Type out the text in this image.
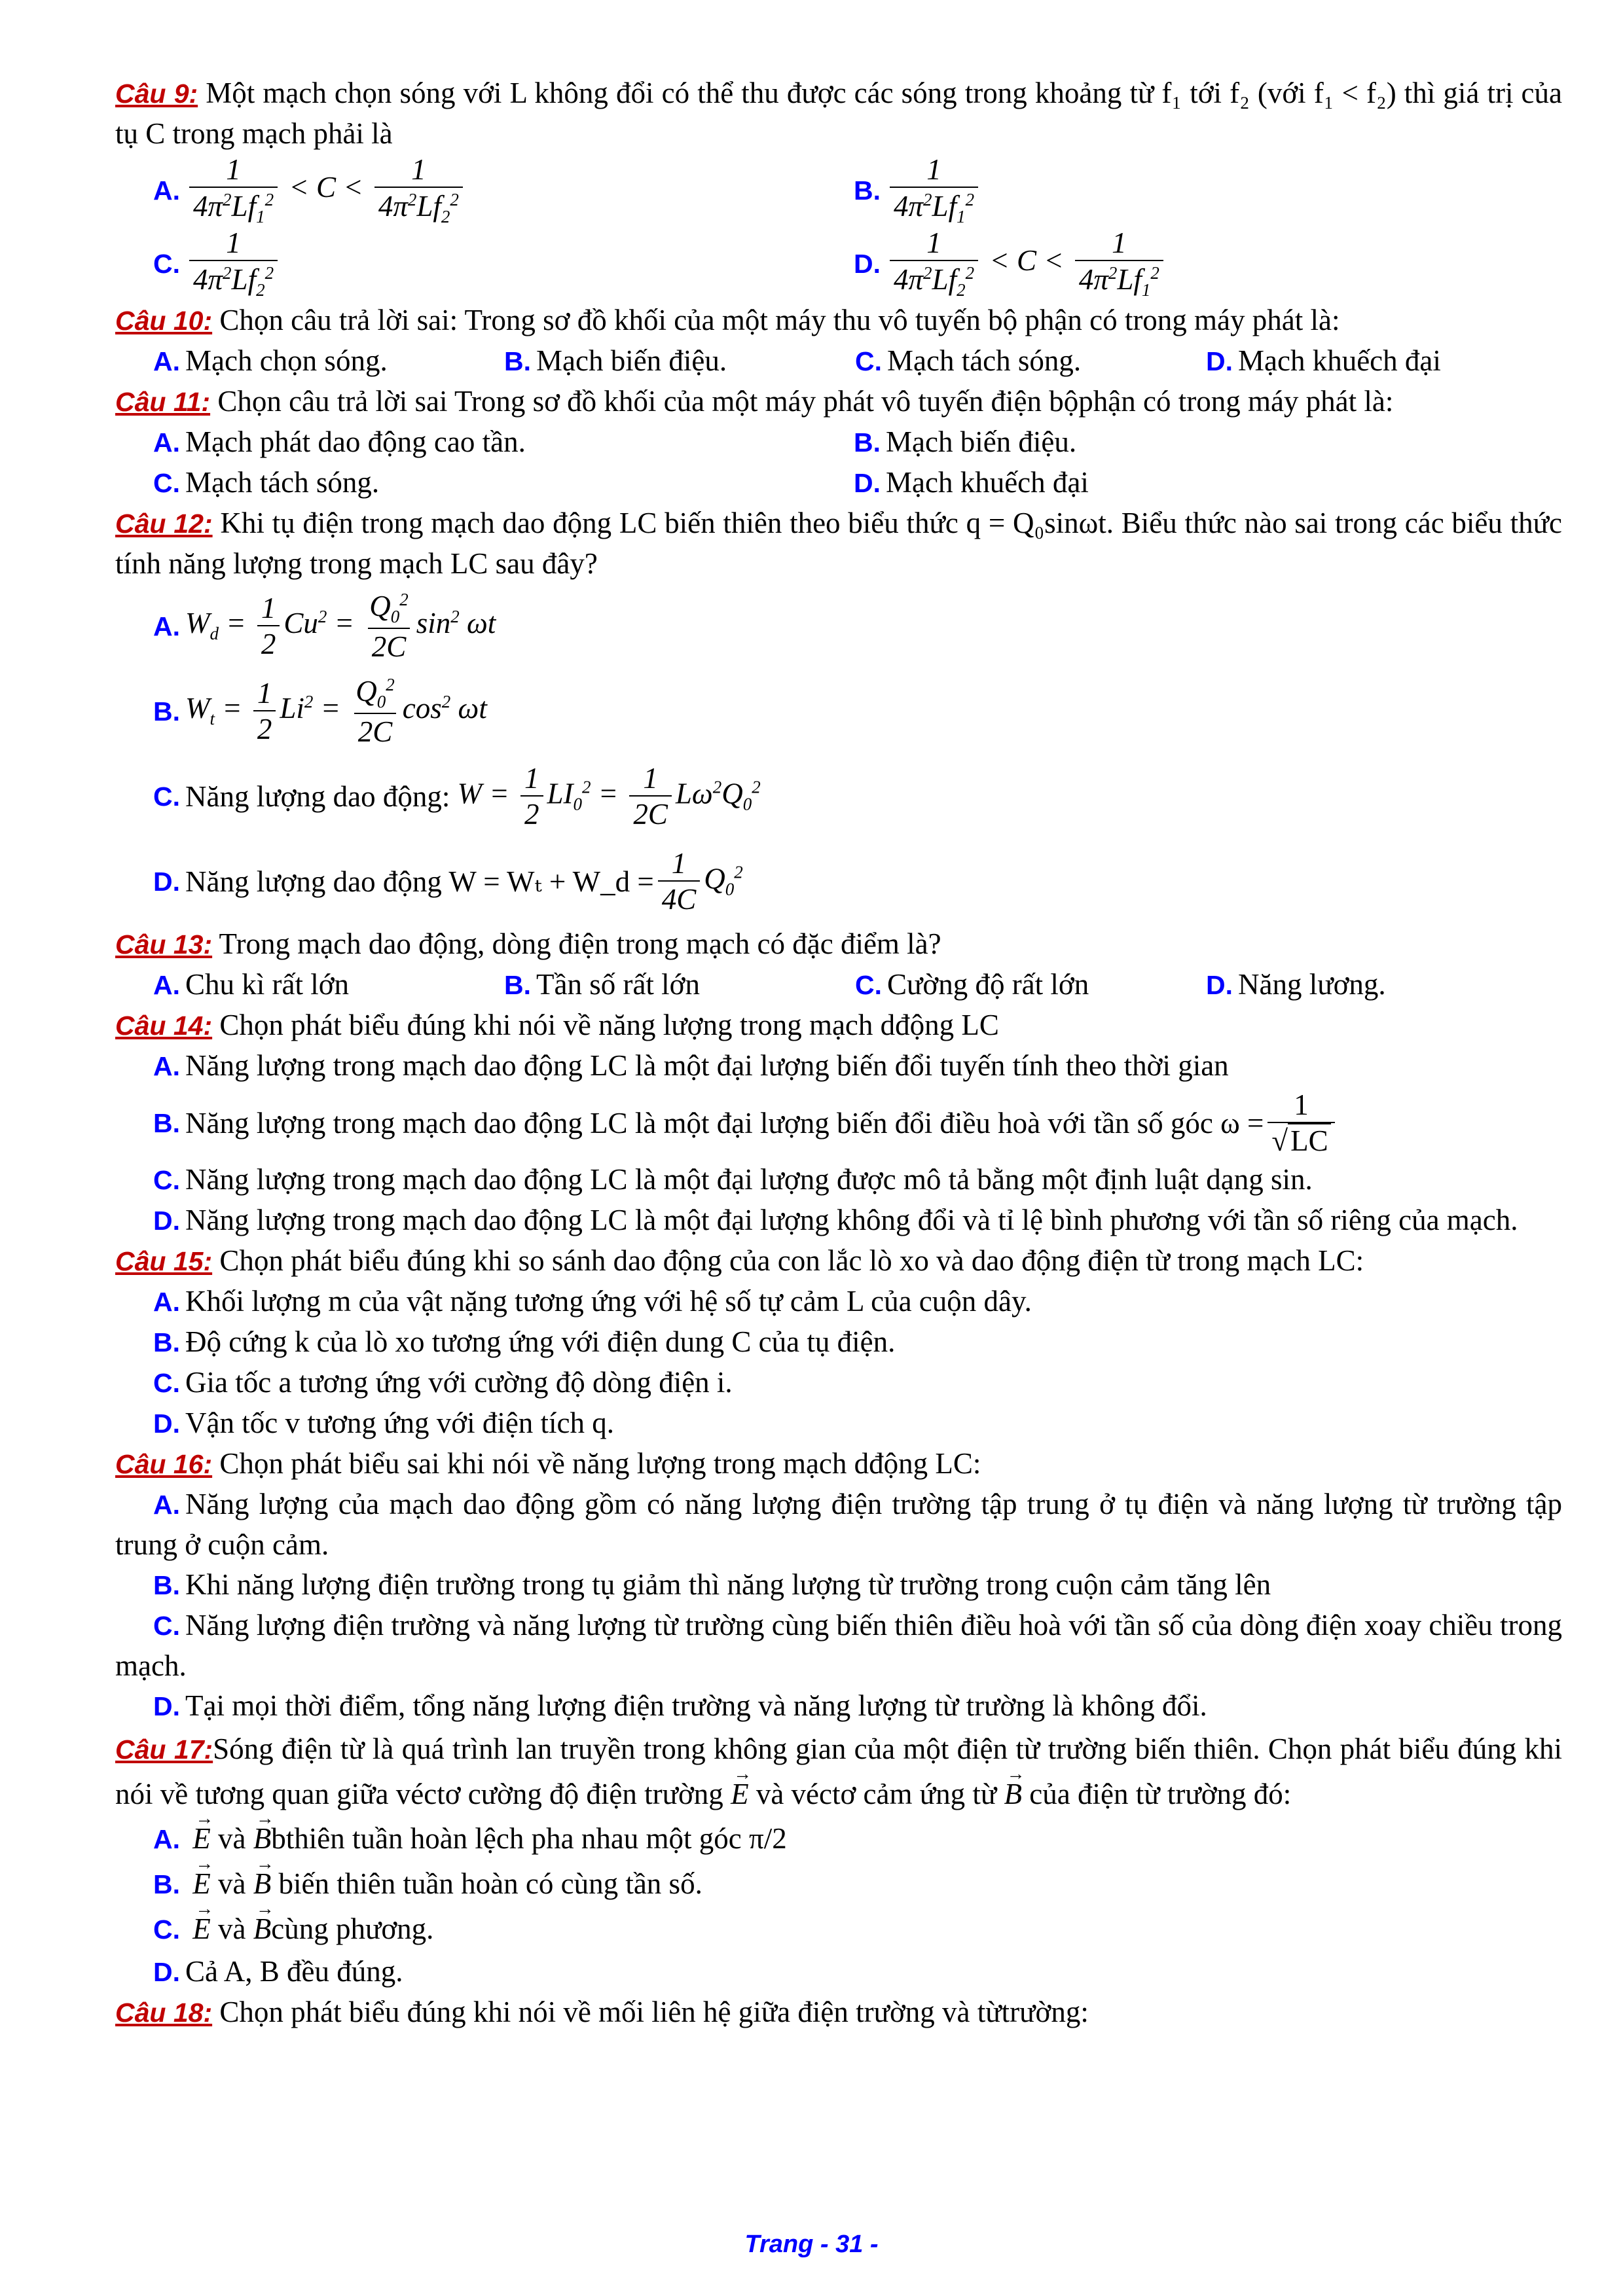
Câu 9: Một mạch chọn sóng với L không đổi có thể thu được các sóng trong khoảng từ f₁ tới f₂ (với f₁ < f₂) thì giá trị của tụ C trong mạch phải là

A. $\frac{1}{4\pi^2Lf_1^2} < C < \frac{1}{4\pi^2Lf_2^2}$	B. $\frac{1}{4\pi^2Lf_1^2}$
C. $\frac{1}{4\pi^2Lf_2^2}$	D. $\frac{1}{4\pi^2Lf_2^2} < C < \frac{1}{4\pi^2Lf_1^2}$

Câu 10: Chọn câu trả lời sai: Trong sơ đồ khối của một máy thu vô tuyến bộ phận có trong máy phát là:

A. Mạch chọn sóng.	B. Mạch biến điệu.	C. Mạch tách sóng.	D. Mạch khuếch đại

Câu 11: Chọn câu trả lời sai Trong sơ đồ khối của một máy phát vô tuyến điện bộphận có trong máy phát là:

A. Mạch phát dao động cao tần.	B. Mạch biến điệu.
C. Mạch tách sóng.	D. Mạch khuếch đại

Câu 12: Khi tụ điện trong mạch dao động LC biến thiên theo biểu thức q = Q₀sinωt. Biểu thức nào sai trong các biểu thức tính năng lượng trong mạch LC sau đây?

A. $W_d = \frac{1}{2} Cu^2 = \frac{Q_0^2}{2C} \sin^2 \omega t$
B. $W_t = \frac{1}{2} Li^2 = \frac{Q_0^2}{2C} \cos^2 \omega t$
C. Năng lượng dao động: $W = \frac{1}{2} LI_0^2 = \frac{1}{2C} L\omega^2Q_0^2$
D. Năng lượng dao động W = Wₜ + W_d = $\frac{1}{4C} Q_0^2$

Câu 13: Trong mạch dao động, dòng điện trong mạch có đặc điểm là?

A. Chu kì rất lớn	B. Tần số rất lớn	C. Cường độ rất lớn	D. Năng lương.

Câu 14: Chọn phát biểu đúng khi nói về năng lượng trong mạch dđộng LC

A. Năng lượng trong mạch dao động LC là một đại lượng biến đổi tuyến tính theo thời gian

B. Năng lượng trong mạch dao động LC là một đại lượng biến đổi điều hoà với tần số góc $\omega = \frac{1}{√LC}$

C. Năng lượng trong mạch dao động LC là một đại lượng được mô tả bằng một định luật dạng sin.

D. Năng lượng trong mạch dao động LC là một đại lượng không đổi và tỉ lệ bình phương với tần số riêng của mạch.

Câu 15: Chọn phát biểu đúng khi so sánh dao động của con lắc lò xo và dao động điện từ trong mạch LC:

A. Khối lượng m của vật nặng tương ứng với hệ số tự cảm L của cuộn dây.

B. Độ cứng k của lò xo tương ứng với điện dung C của tụ điện.

C. Gia tốc a tương ứng với cường độ dòng điện i.

D. Vận tốc v tương ứng với điện tích q.

Câu 16: Chọn phát biểu sai khi nói về năng lượng trong mạch dđộng LC:

A. Năng lượng của mạch dao động gồm có năng lượng điện trường tập trung ở tụ điện và năng lượng từ trường tập trung ở cuộn cảm.

B. Khi năng lượng điện trường trong tụ giảm thì năng lượng từ trường trong cuộn cảm tăng lên

C. Năng lượng điện trường và năng lượng từ trường cùng biến thiên điều hoà với tần số của dòng điện xoay chiều trong mạch.

D. Tại mọi thời điểm, tổng năng lượng điện trường và năng lượng từ trường là không đổi.

Câu 17:Sóng điện từ là quá trình lan truyền trong không gian của một điện từ trường biến thiên. Chọn phát biểu đúng khi nói về tương quan giữa véctơ cường độ điện trường → E và véctơ cảm ứng từ → B của điện từ trường đó:

A. → E và → Bbthiên tuần hoàn lệch pha nhau một góc π/2

B. → E và → B biến thiên tuần hoàn có cùng tần số.

C. → E và → Bcùng phương.

D. Cả A, B đều đúng.

Câu 18: Chọn phát biểu đúng khi nói về mối liên hệ giữa điện trường và từtrường:

Trang - 31 -
